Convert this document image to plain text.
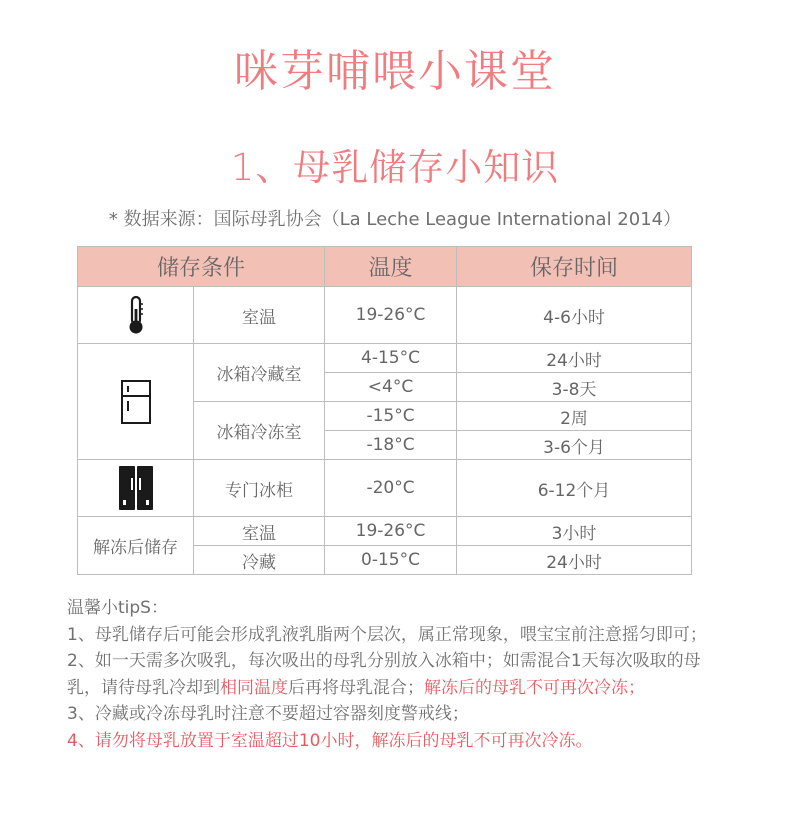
咪芽哺喂小课堂
1、母乳储存小知识
* 数据来源：国际母乳协会（La Leche League International 2014）
储存条件		温度	保存时间

	室温	19-26°C	4-6小时

	冰箱冷藏室	4-15°C	24小时
		<4°C	3-8天
	冰箱冷冻室	-15°C	2周
		-18°C	3-6个月

	专门冰柜	-20°C	6-12个月
解冻后储存	室温	19-26°C	3小时
	冷藏	0-15°C	24小时

温馨小tipS：

1、母乳储存后可能会形成乳液乳脂两个层次，属正常现象，喂宝宝前注意摇匀即可；

2、如一天需多次吸乳，每次吸出的母乳分别放入冰箱中；如需混合1天每次吸取的母乳，请待母乳冷却到相同温度后再将母乳混合；解冻后的母乳不可再次冷冻；

3、冷藏或冷冻母乳时注意不要超过容器刻度警戒线；

4、请勿将母乳放置于室温超过10小时，解冻后的母乳不可再次冷冻。
